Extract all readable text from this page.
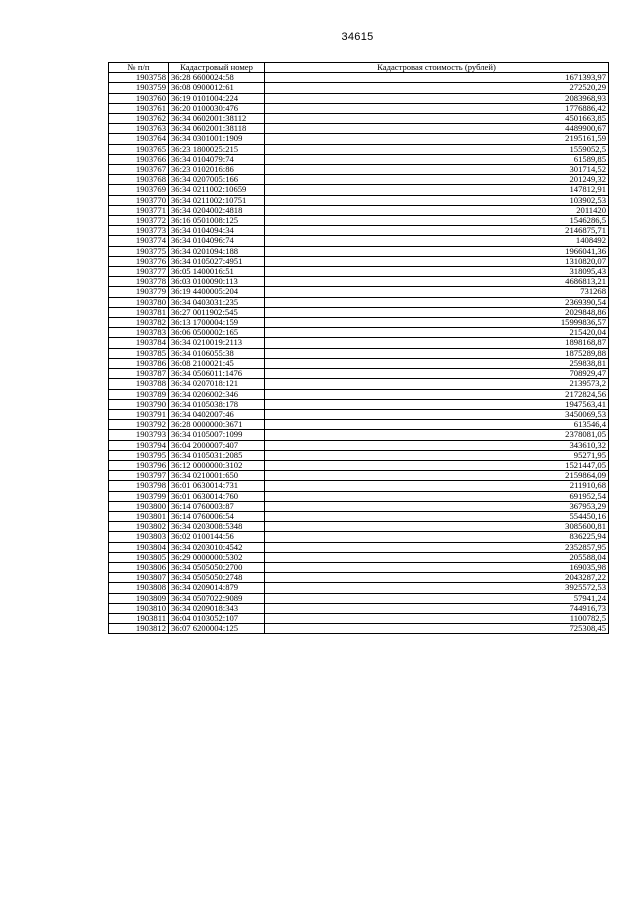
34615
№ п/п	Кадастровый номер	Кадастровая стоимость (рублей)
1903758	36:28 6600024:58	1671393,97
1903759	36:08 0900012:61	272520,29
1903760	36:19 0101004:224	2083968,93
1903761	36:20 0100030:476	1776886,42
1903762	36:34 0602001:38112	4501663,85
1903763	36:34 0602001:38118	4489900,67
1903764	36:34 0301001:1909	2195161,59
1903765	36:23 1800025:215	1559052,5
1903766	36:34 0104079:74	61589,85
1903767	36:23 0102016:86	301714,52
1903768	36:34 0207005:166	201249,32
1903769	36:34 0211002:10659	147812,91
1903770	36:34 0211002:10751	103902,53
1903771	36:34 0204002:4818	2011420
1903772	36:16 0501008:125	1546286,5
1903773	36:34 0104094:34	2146875,71
1903774	36:34 0104096:74	1408492
1903775	36:34 0201094:188	1966041,36
1903776	36:34 0105027:4951	1310820,07
1903777	36:05 1400016:51	318095,43
1903778	36:03 0100090:113	4686813,21
1903779	36:19 4400005:204	731268
1903780	36:34 0403031:235	2369390,54
1903781	36:27 0011902:545	2029848,86
1903782	36:13 1700004:159	15999836,57
1903783	36:06 0500002:165	215420,04
1903784	36:34 0210019:2113	1898168,87
1903785	36:34 0106055:38	1875289,88
1903786	36:08 2100021:45	259838,81
1903787	36:34 0506011:1476	708929,47
1903788	36:34 0207018:121	2139573,2
1903789	36:34 0206002:346	2172824,56
1903790	36:34 0105038:178	1947563,41
1903791	36:34 0402007:46	3450069,53
1903792	36:28 0000000:3671	613546,4
1903793	36:34 0105007:1099	2378081,05
1903794	36:04 2000007:407	343610,32
1903795	36:34 0105031:2085	95271,95
1903796	36:12 0000000:3102	1521447,05
1903797	36:34 0210001:650	2159864,09
1903798	36:01 0630014:731	211910,68
1903799	36:01 0630014:760	691952,54
1903800	36:14 0760003:87	367953,29
1903801	36:14 0760006:54	554450,16
1903802	36:34 0203008:5348	3085600,81
1903803	36:02 0100144:56	836225,94
1903804	36:34 0203010:4542	2352857,95
1903805	36:29 0000000:5302	205588,04
1903806	36:34 0505050:2700	169035,98
1903807	36:34 0505050:2748	2043287,22
1903808	36:34 0209014:879	3925572,53
1903809	36:34 0507022:9089	57941,24
1903810	36:34 0209018:343	744916,73
1903811	36:04 0103052:107	1100782,5
1903812	36:07 6200004:125	725308,45
